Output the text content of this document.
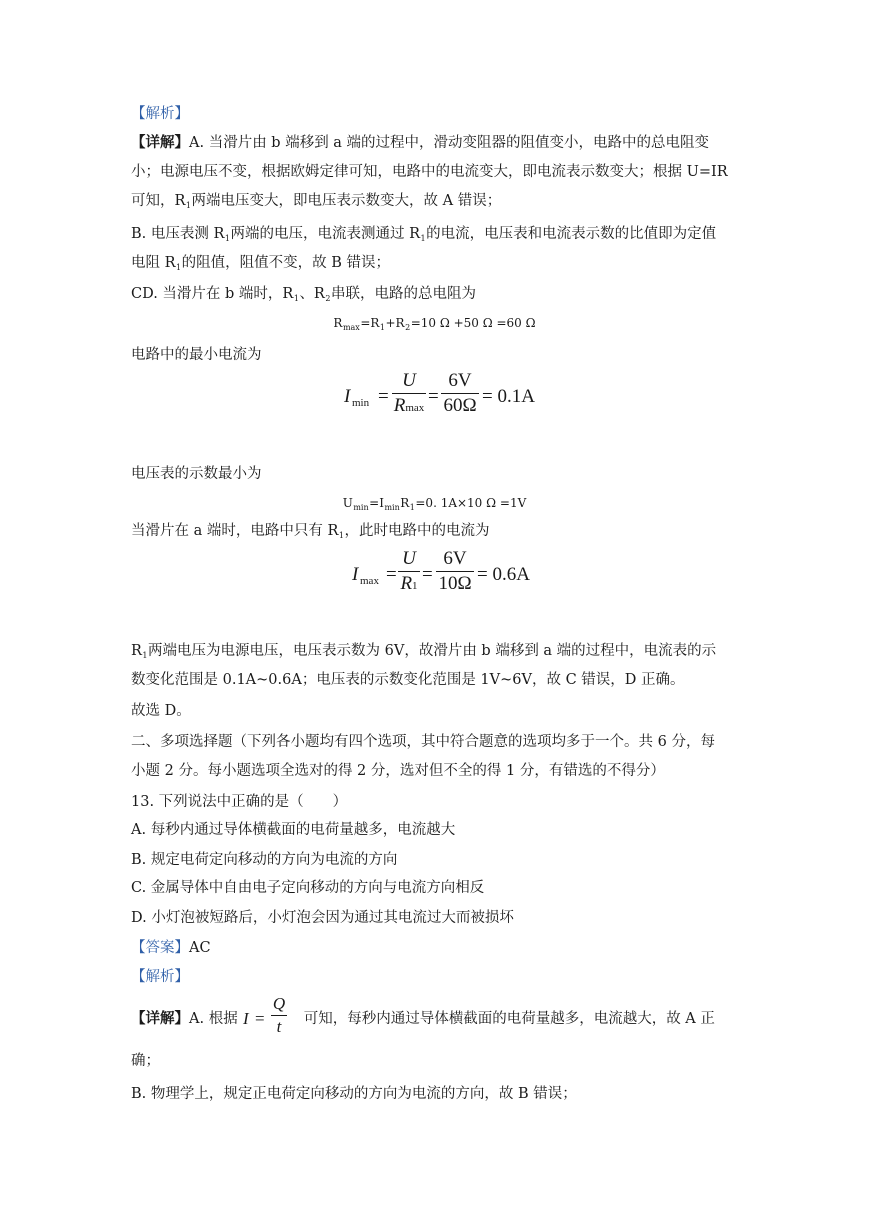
【解析】
【详解】A. 当滑片由 b 端移到 a 端的过程中，滑动变阻器的阻值变小，电路中的总电阻变
小；电源电压不变，根据欧姆定律可知，电路中的电流变大，即电流表示数变大；根据 U=IR
可知，$R_1$两端电压变大，即电压表示数变大，故 A 错误；
B. 电压表测 $R_1$两端的电压，电流表测通过 $R_1$的电流，电压表和电流表示数的比值即为定值
电阻 $R_1$的阻值，阻值不变，故 B 错误；
CD. 当滑片在 b 端时，$R_1$、$R_2$串联，电路的总电阻为
$R_{max}=R_1+R_2=10$ Ω +50 Ω =60 Ω
电路中的最小电流为
I min =
U
Rmax
=
6V
60Ω = 0.1A
电压表的示数最小为
$U_{min}=I_{min}R_1=0$. 1A×10 Ω =1V
当滑片在 a 端时，电路中只有 $R_1$，此时电路中的电流为
I max =
U
R1
=
6V
10Ω = 0.6A
$R_1$两端电压为电源电压，电压表示数为 6V，故滑片由 b 端移到 a 端的过程中，电流表的示
数变化范围是 0.1A~0.6A；电压表的示数变化范围是 1V~6V，故 C 错误，D 正确。
故选 D。
二、多项选择题（下列各小题均有四个选项，其中符合题意的选项均多于一个。共 6 分，每
小题 2 分。每小题选项全选对的得 2 分，选对但不全的得 1 分，有错选的不得分）
13. 下列说法中正确的是（　　）
A. 每秒内通过导体横截面的电荷量越多，电流越大
B. 规定电荷定向移动的方向为电流的方向
C. 金属导体中自由电子定向移动的方向与电流方向相反
D. 小灯泡被短路后，小灯泡会因为通过其电流过大而被损坏
【答案】AC
【解析】
【详解】A. 根据	可知，每秒内通过导体横截面的电荷量越多，电流越大，故 A 正
I =
Q
t
确；
B. 物理学上，规定正电荷定向移动的方向为电流的方向，故 B 错误；
